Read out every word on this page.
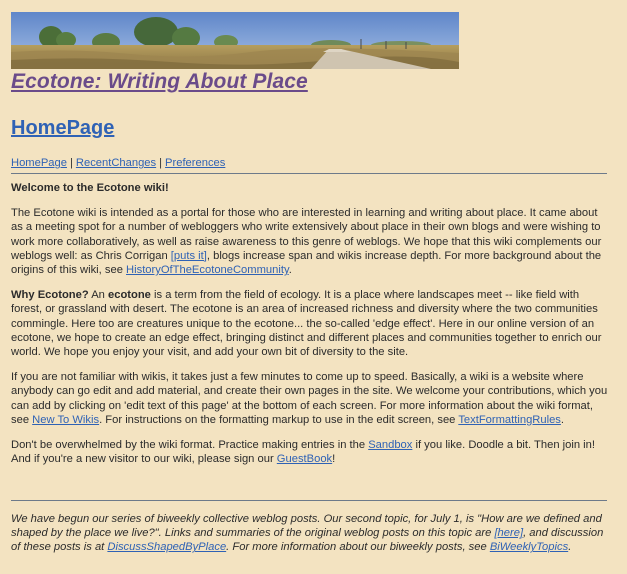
Ecotone: Writing About Place
HomePage
HomePage | RecentChanges | Preferences

Welcome to the Ecotone wiki!

The Ecotone wiki is intended as a portal for those who are interested in learning and writing about place. It came about as a meeting spot for a number of webloggers who write extensively about place in their own blogs and were wishing to work more collaboratively, as well as raise awareness to this genre of weblogs. We hope that this wiki complements our weblogs well: as Chris Corrigan [puts it], blogs increase span and wikis increase depth. For more background about the origins of this wiki, see HistoryOfTheEcotoneCommunity.

Why Ecotone? An ecotone is a term from the field of ecology. It is a place where landscapes meet -- like field with forest, or grassland with desert. The ecotone is an area of increased richness and diversity where the two communities commingle. Here too are creatures unique to the ecotone... the so-called 'edge effect'. Here in our online version of an ecotone, we hope to create an edge effect, bringing distinct and different places and communities together to enrich our world. We hope you enjoy your visit, and add your own bit of diversity to the site.

If you are not familiar with wikis, it takes just a few minutes to come up to speed. Basically, a wiki is a website where anybody can go edit and add material, and create their own pages in the site. We welcome your contributions, which you can add by clicking on 'edit text of this page' at the bottom of each screen. For more information about the wiki format, see New To Wikis. For instructions on the formatting markup to use in the edit screen, see TextFormattingRules.

Don't be overwhelmed by the wiki format. Practice making entries in the Sandbox if you like. Doodle a bit. Then join in! And if you're a new visitor to our wiki, please sign our GuestBook!

We have begun our series of biweekly collective weblog posts. Our second topic, for July 1, is "How are we defined and shaped by the place we live?". Links and summaries of the original weblog posts on this topic are [here], and discussion of these posts is at DiscussShapedByPlace. For more information about our biweekly posts, see BiWeeklyTopics.
